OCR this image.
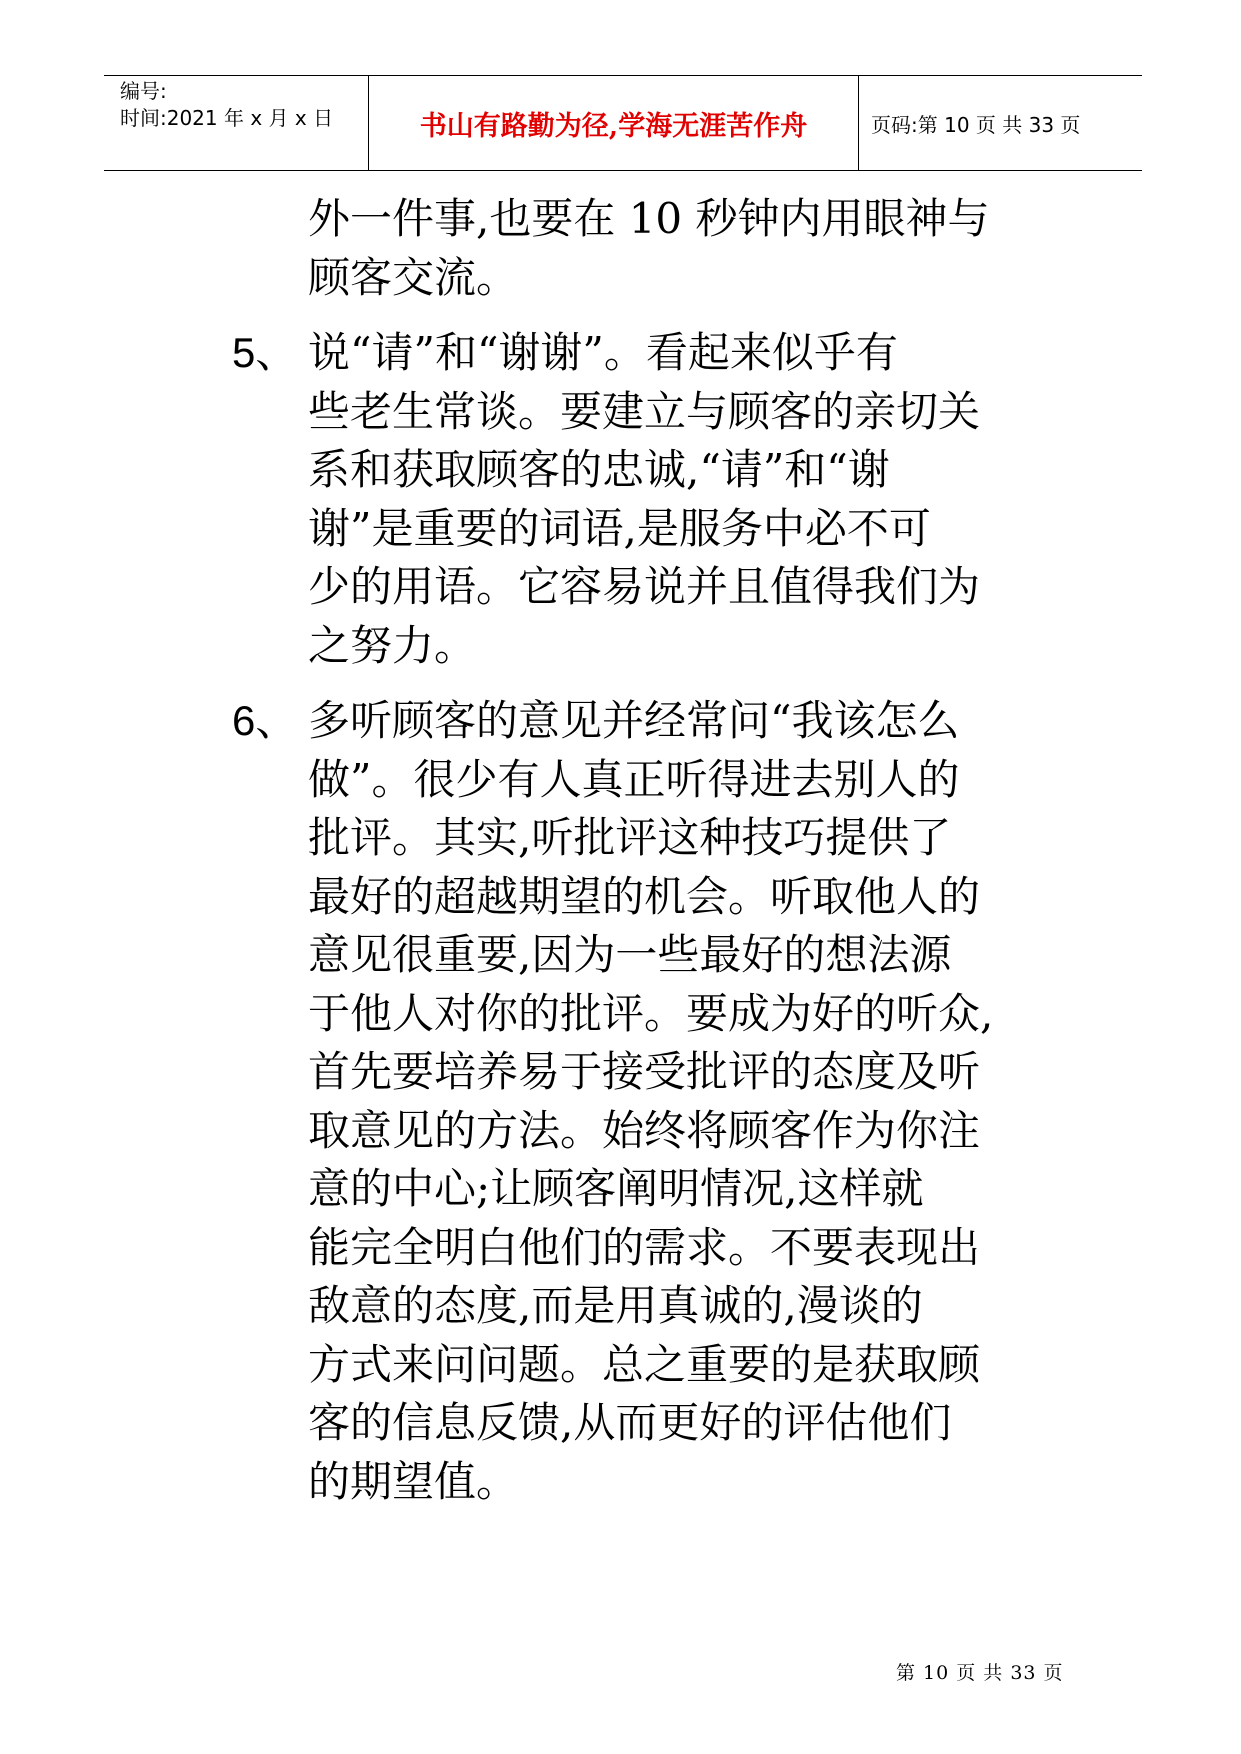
编号:
时间:2021 年 x 月 x 日	书山有路勤为径,学海无涯苦作舟	页码:第 10 页 共 33 页
外一件事,也要在 10 秒钟内用眼神与
顾客交流。
5、 说“请”和“谢谢”。看起来似乎有
些老生常谈。要建立与顾客的亲切关
系和获取顾客的忠诚,“请”和“谢
谢”是重要的词语,是服务中必不可
少的用语。它容易说并且值得我们为
之努力。
6、 多听顾客的意见并经常问“我该怎么
做”。很少有人真正听得进去别人的
批评。其实,听批评这种技巧提供了
最好的超越期望的机会。听取他人的
意见很重要,因为一些最好的想法源
于他人对你的批评。要成为好的听众,
首先要培养易于接受批评的态度及听
取意见的方法。始终将顾客作为你注
意的中心;让顾客阐明情况,这样就
能完全明白他们的需求。不要表现出
敌意的态度,而是用真诚的,漫谈的
方式来问问题。总之重要的是获取顾
客的信息反馈,从而更好的评估他们
的期望值。
第 10 页 共 33 页
